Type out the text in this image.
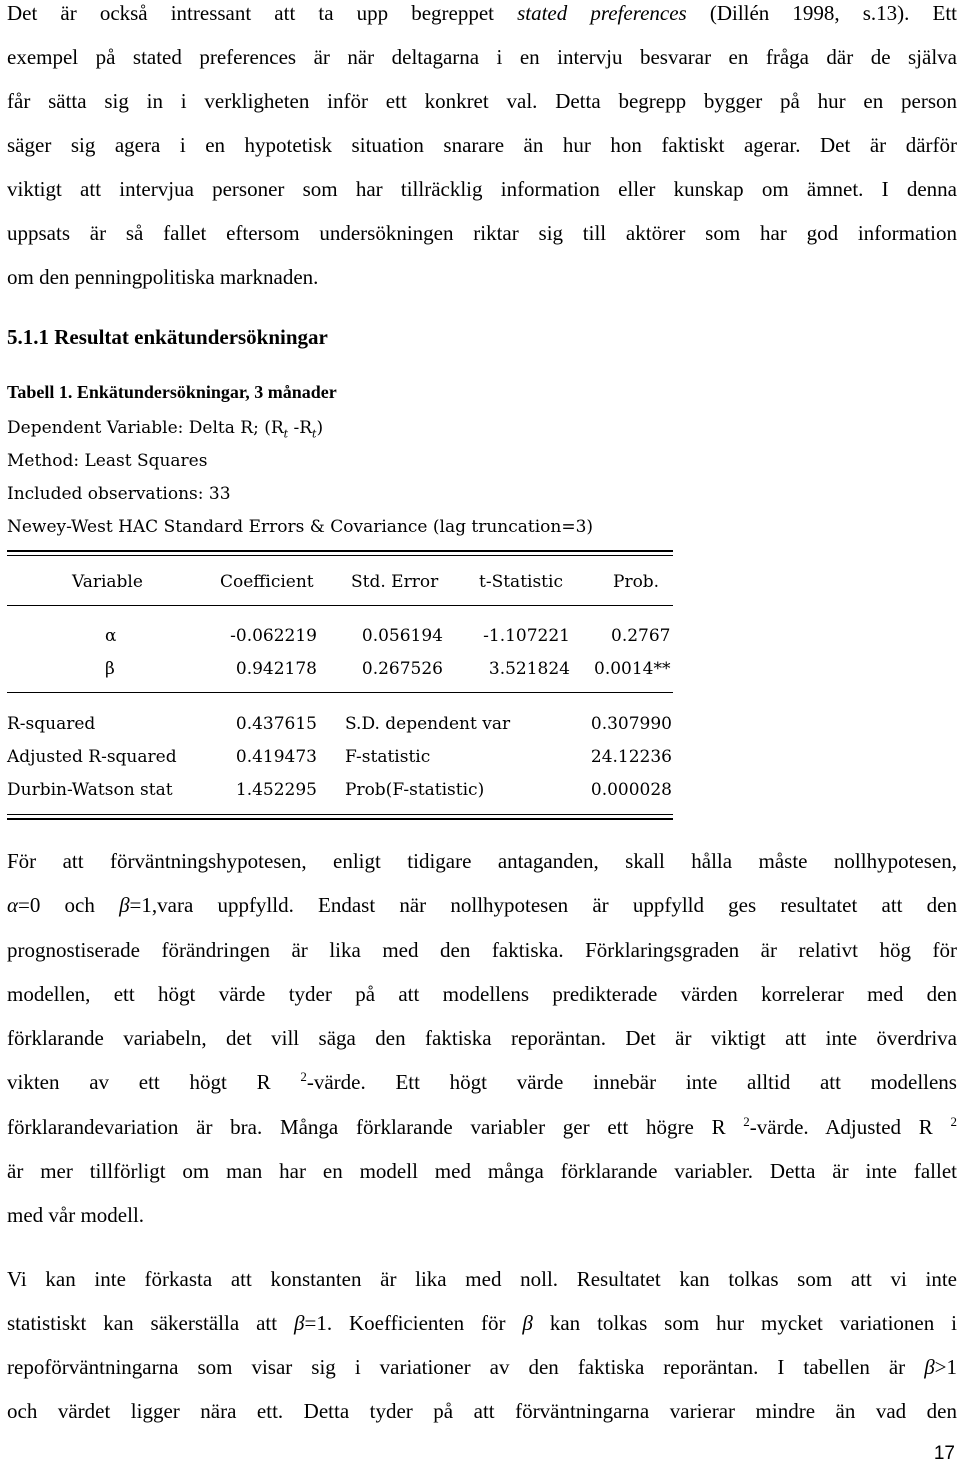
Det är också intressant att ta upp begreppet stated preferences (Dillén 1998, s.13). Ett
exempel på stated preferences är när deltagarna i en intervju besvarar en fråga där de själva
får sätta sig in i verkligheten inför ett konkret val. Detta begrepp bygger på hur en person
säger sig agera i en hypotetisk situation snarare än hur hon faktiskt agerar. Det är därför
viktigt att intervjua personer som har tillräcklig information eller kunskap om ämnet. I denna
uppsats är så fallet eftersom undersökningen riktar sig till aktörer som har god information
om den penningpolitiska marknaden.
5.1.1 Resultat enkätundersökningar
Tabell 1. Enkätundersökningar, 3 månader
Dependent Variable: Delta R; ($R_t$ $-R_t$)
Method: Least Squares
Included observations: 33
Newey-West HAC Standard Errors & Covariance (lag truncation=3)
Variable	Coefficient Std. Error t-Statistic	Prob.
α	-0.062219	0.056194 -1.107221 0.2767
β	0.942178	0.267526	3.521824 0.0014**
R-squared	0.437615 S.D. dependent var	0.307990
Adjusted R-squared	0.419473 F-statistic	24.12236
Durbin-Watson stat	1.452295 Prob(F-statistic)	0.000028
För att förväntningshypotesen, enligt tidigare antaganden, skall hålla måste nollhypotesen,
α=0 och β=1,vara uppfylld. Endast när nollhypotesen är uppfylld ges resultatet att den
prognostiserade förändringen är lika med den faktiska. Förklaringsgraden är relativt hög för
modellen, ett högt värde tyder på att modellens predikterade värden korrelerar med den
förklarande variabeln, det vill säga den faktiska reporäntan. Det är viktigt att inte överdriva
vikten av ett högt R $^2$-värde. Ett högt värde innebär inte alltid att modellens
förklarandevariation är bra. Många förklarande variabler ger ett högre R $^2$-värde. Adjusted R $^2$
är mer tillförligt om man har en modell med många förklarande variabler. Detta är inte fallet
med vår modell.
Vi kan inte förkasta att konstanten är lika med noll. Resultatet kan tolkas som att vi inte
statistiskt kan säkerställa att β=1. Koefficienten för β kan tolkas som hur mycket variationen i
repoförväntningarna som visar sig i variationer av den faktiska reporäntan. I tabellen är β>1
och värdet ligger nära ett. Detta tyder på att förväntningarna varierar mindre än vad den
17
